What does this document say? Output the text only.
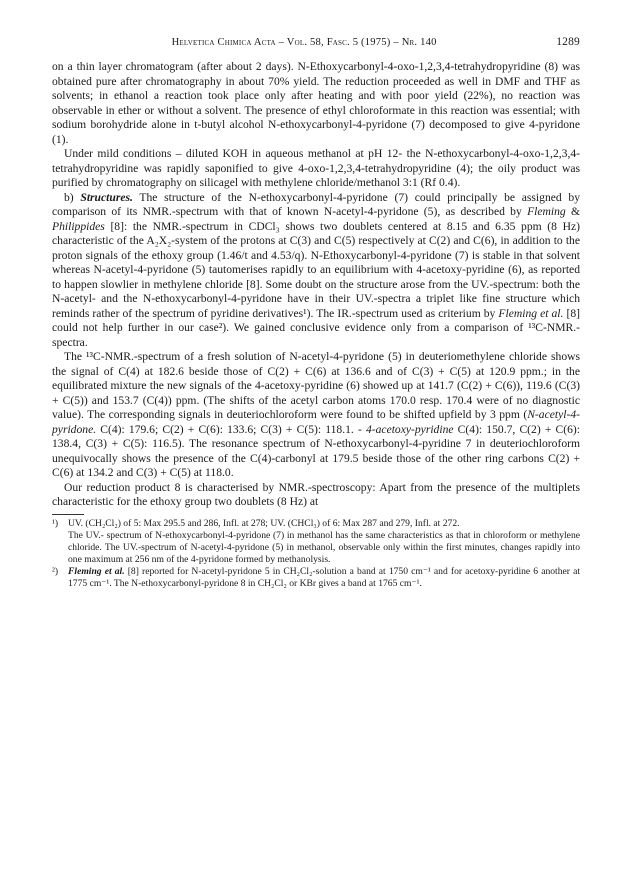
Helvetica Chimica Acta – Vol. 58, Fasc. 5 (1975) – Nr. 140	1289

on a thin layer chromatogram (after about 2 days). N-Ethoxycarbonyl-4-oxo-1,2,3,4-tetrahydropyridine (8) was obtained pure after chromatography in about 70% yield. The reduction proceeded as well in DMF and THF as solvents; in ethanol a reaction took place only after heating and with poor yield (22%), no reaction was observable in ether or without a solvent. The presence of ethyl chloroformate in this reaction was essential; with sodium borohydride alone in t-butyl alcohol N-ethoxycarbonyl-4-pyridone (7) decomposed to give 4-pyridone (1).

Under mild conditions – diluted KOH in aqueous methanol at pH 12- the N-ethoxycarbonyl-4-oxo-1,2,3,4-tetrahydropyridine was rapidly saponified to give 4-oxo-1,2,3,4-tetrahydropyridine (4); the oily product was purified by chromatography on silicagel with methylene chloride/methanol 3:1 (Rf 0.4).

b) Structures. The structure of the N-ethoxycarbonyl-4-pyridone (7) could principally be assigned by comparison of its NMR.-spectrum with that of known N-acetyl-4-pyridone (5), as described by Fleming & Philippides [8]: the NMR.-spectrum in CDCl₃ shows two doublets centered at 8.15 and 6.35 ppm (8 Hz) characteristic of the A₂X₂-system of the protons at C(3) and C(5) respectively at C(2) and C(6), in addition to the proton signals of the ethoxy group (1.46/t and 4.53/q). N-Ethoxycarbonyl-4-pyridone (7) is stable in that solvent whereas N-acetyl-4-pyridone (5) tautomerises rapidly to an equilibrium with 4-acetoxy-pyridine (6), as reported to happen slowlier in methylene chloride [8]. Some doubt on the structure arose from the UV.-spectrum: both the N-acetyl- and the N-ethoxycarbonyl-4-pyridone have in their UV.-spectra a triplet like fine structure which reminds rather of the spectrum of pyridine derivatives¹). The IR.-spectrum used as criterium by Fleming et al. [8] could not help further in our case²). We gained conclusive evidence only from a comparison of ¹³C-NMR.-spectra.

The ¹³C-NMR.-spectrum of a fresh solution of N-acetyl-4-pyridone (5) in deuteriomethylene chloride shows the signal of C(4) at 182.6 beside those of C(2) + C(6) at 136.6 and of C(3) + C(5) at 120.9 ppm.; in the equilibrated mixture the new signals of the 4-acetoxy-pyridine (6) showed up at 141.7 (C(2) + C(6)), 119.6 (C(3) + C(5)) and 153.7 (C(4)) ppm. (The shifts of the acetyl carbon atoms 170.0 resp. 170.4 were of no diagnostic value). The corresponding signals in deuteriochloroform were found to be shifted upfield by 3 ppm (N-acetyl-4-pyridone. C(4): 179.6; C(2) + C(6): 133.6; C(3) + C(5): 118.1. - 4-acetoxy-pyridine C(4): 150.7, C(2) + C(6): 138.4, C(3) + C(5): 116.5). The resonance spectrum of N-ethoxycarbonyl-4-pyridine 7 in deuteriochloroform unequivocally shows the presence of the C(4)-carbonyl at 179.5 beside those of the other ring carbons C(2) + C(6) at 134.2 and C(3) + C(5) at 118.0.

Our reduction product 8 is characterised by NMR.-spectroscopy: Apart from the presence of the multiplets characteristic for the ethoxy group two doublets (8 Hz) at

¹)	UV. (CH₂Cl₂) of 5: Max 295.5 and 286, Infl. at 278; UV. (CHCl₃) of 6: Max 287 and 279, Infl. at 272.

The UV.- spectrum of N-ethoxycarbonyl-4-pyridone (7) in methanol has the same characteristics as that in chloroform or methylene chloride. The UV.-spectrum of N-acetyl-4-pyridone (5) in methanol, observable only within the first minutes, changes rapidly into one maximum at 256 nm of the 4-pyridone formed by methanolysis.

²)	Fleming et al. [8] reported for N-acetyl-pyridone 5 in CH₂Cl₂-solution a band at 1750 cm⁻¹ and for acetoxy-pyridine 6 another at 1775 cm⁻¹. The N-ethoxycarbonyl-pyridone 8 in CH₂Cl₂ or KBr gives a band at 1765 cm⁻¹.
